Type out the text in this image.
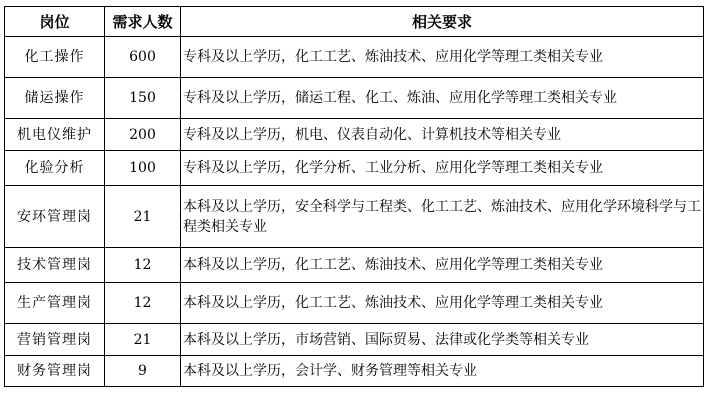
岗位	需求人数	相关要求
化工操作	600	专科及以上学历，化工工艺、炼油技术、应用化学等理工类相关专业
储运操作	150	专科及以上学历，储运工程、化工、炼油、应用化学等理工类相关专业
机电仪维护	200	专科及以上学历，机电、仪表自动化、计算机技术等相关专业
化验分析	100	专科及以上学历，化学分析、工业分析、应用化学等理工类相关专业
安环管理岗	21	本科及以上学历，安全科学与工程类、化工工艺、炼油技术、应用化学环境科学与工程类相关专业
技术管理岗	12	本科及以上学历，化工工艺、炼油技术、应用化学等理工类相关专业
生产管理岗	12	本科及以上学历，化工工艺、炼油技术、应用化学等理工类相关专业
营销管理岗	21	本科及以上学历，市场营销、国际贸易、法律或化学类等相关专业
财务管理岗	9	本科及以上学历，会计学、财务管理等相关专业
